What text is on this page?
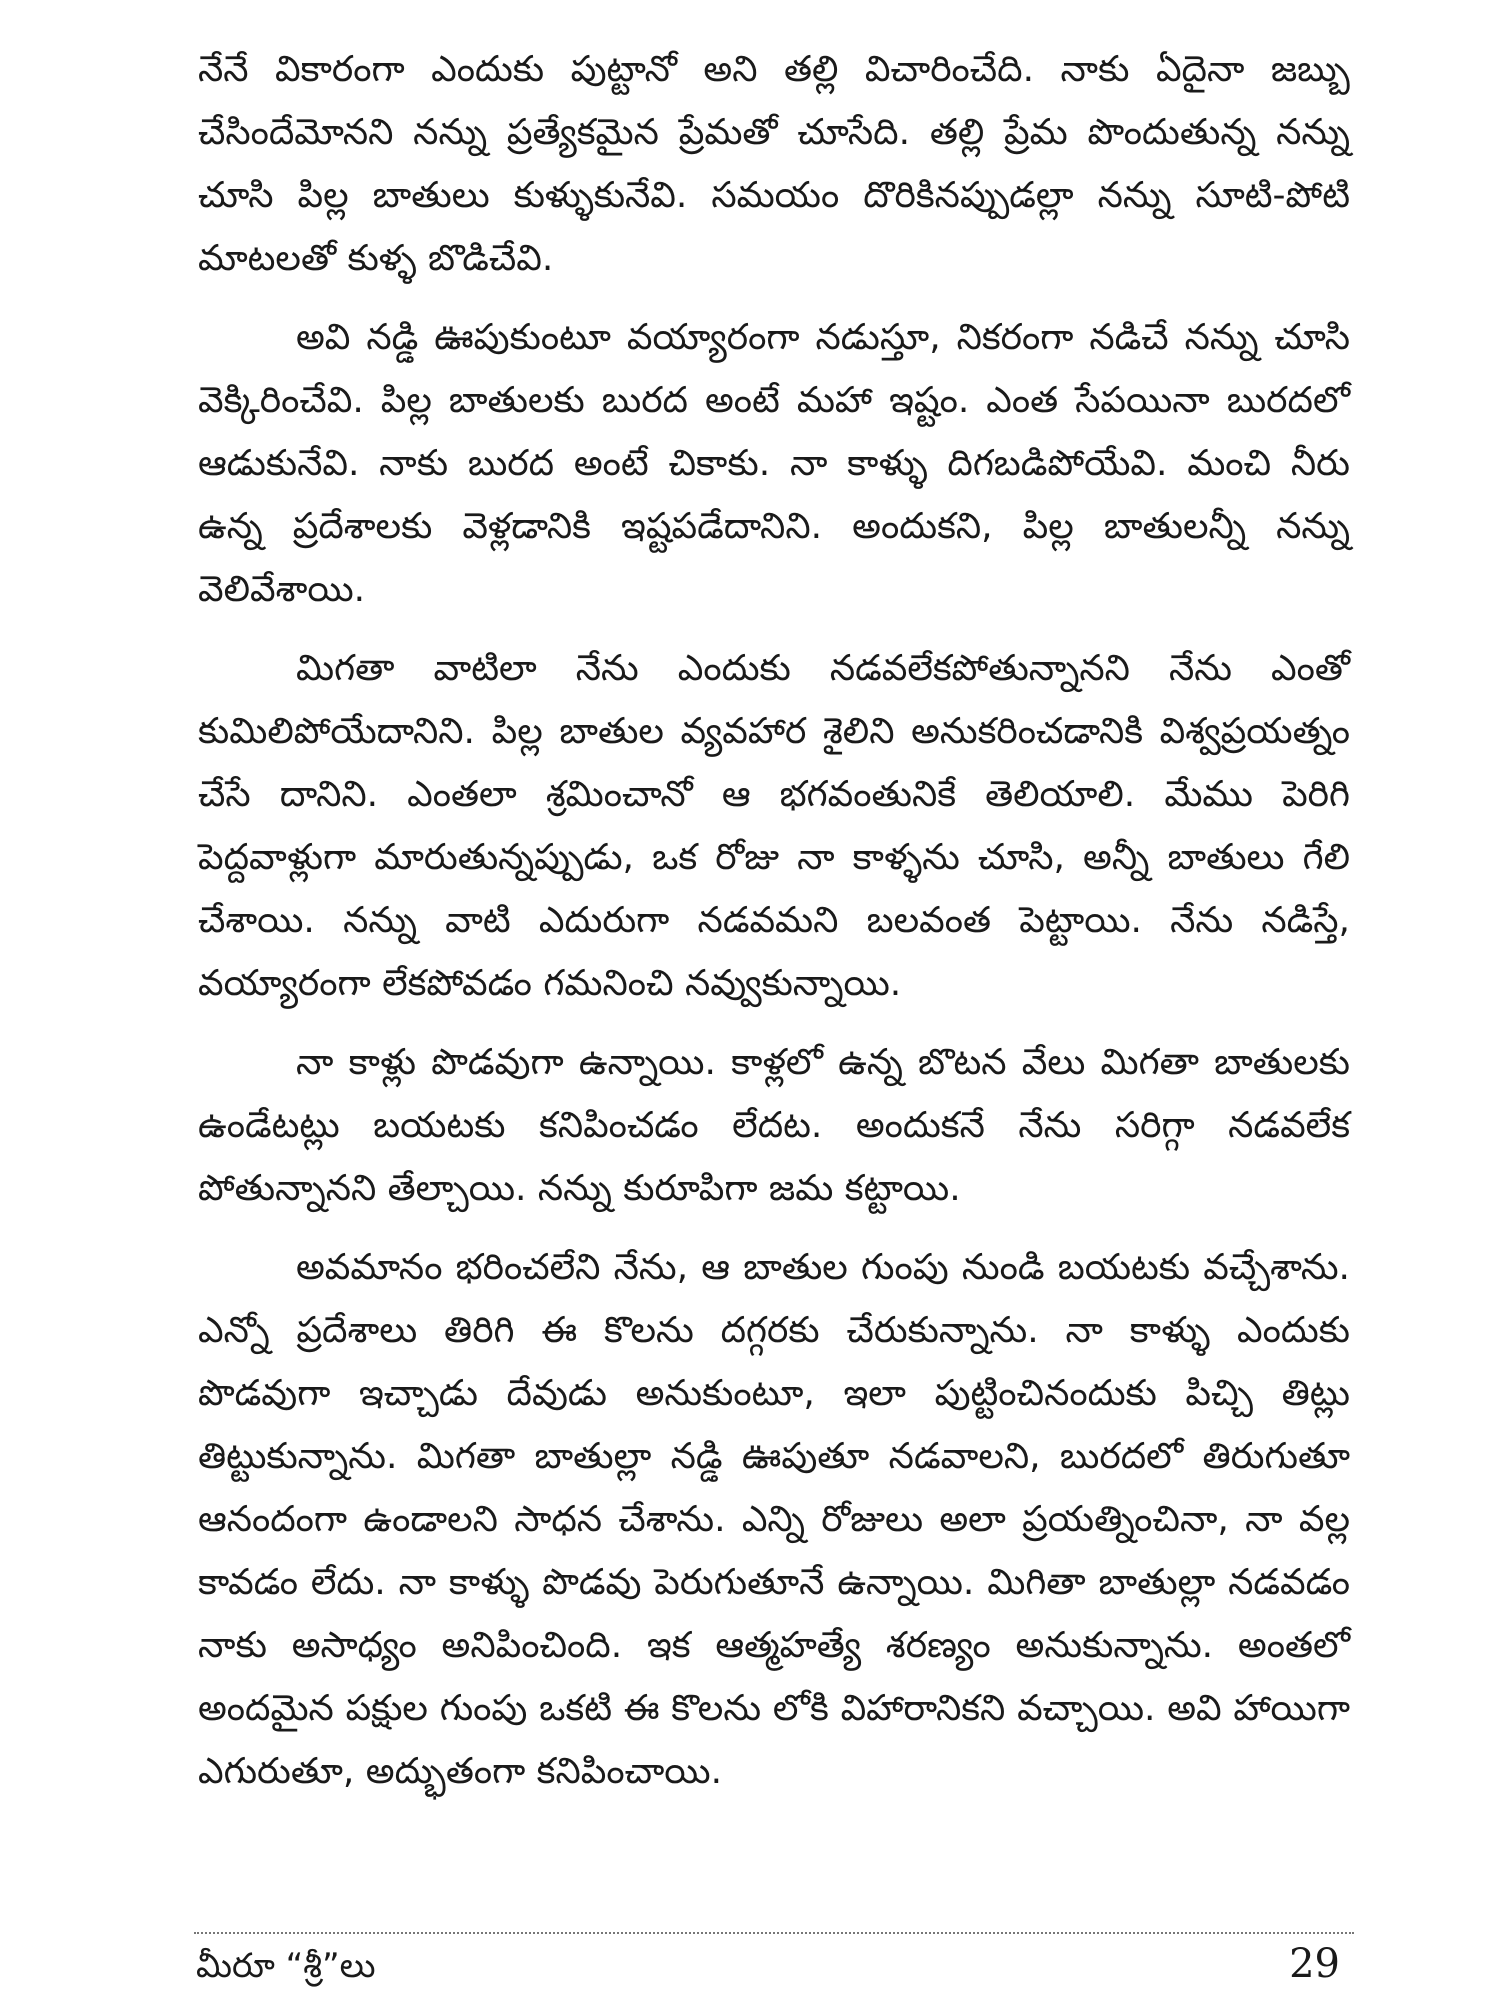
నేనే వికారంగా ఎందుకు పుట్టానో అని తల్లి విచారించేది. నాకు ఏదైనా జబ్బు చేసిందేమోనని నన్ను ప్రత్యేకమైన ప్రేమతో చూసేది. తల్లి ప్రేమ పొందుతున్న నన్ను చూసి పిల్ల బాతులు కుళ్ళుకునేవి. సమయం దొరికినప్పుడల్లా నన్ను సూటి-పోటి మాటలతో కుళ్ళ బొడిచేవి.

అవి నడ్డి ఊపుకుంటూ వయ్యారంగా నడుస్తూ, నికరంగా నడిచే నన్ను చూసి వెక్కిరించేవి. పిల్ల బాతులకు బురద అంటే మహా ఇష్టం. ఎంత సేపయినా బురదలో ఆడుకునేవి. నాకు బురద అంటే చికాకు. నా కాళ్ళు దిగబడిపోయేవి. మంచి నీరు ఉన్న ప్రదేశాలకు వెళ్లడానికి ఇష్టపడేదానిని. అందుకని, పిల్ల బాతులన్నీ నన్ను వెలివేశాయి.

మిగతా వాటిలా నేను ఎందుకు నడవలేకపోతున్నానని నేను ఎంతో కుమిలిపోయేదానిని. పిల్ల బాతుల వ్యవహార శైలిని అనుకరించడానికి విశ్వప్రయత్నం చేసే దానిని. ఎంతలా శ్రమించానో ఆ భగవంతునికే తెలియాలి. మేము పెరిగి పెద్దవాళ్లుగా మారుతున్నప్పుడు, ఒక రోజు నా కాళ్ళను చూసి, అన్నీ బాతులు గేలి చేశాయి. నన్ను వాటి ఎదురుగా నడవమని బలవంత పెట్టాయి. నేను నడిస్తే, వయ్యారంగా లేకపోవడం గమనించి నవ్వుకున్నాయి.

నా కాళ్లు పొడవుగా ఉన్నాయి. కాళ్లలో ఉన్న బొటన వేలు మిగతా బాతులకు ఉండేటట్లు బయటకు కనిపించడం లేదట. అందుకనే నేను సరిగ్గా నడవలేక పోతున్నానని తేల్చాయి. నన్ను కురూపిగా జమ కట్టాయి.

అవమానం భరించలేని నేను, ఆ బాతుల గుంపు నుండి బయటకు వచ్చేశాను. ఎన్నో ప్రదేశాలు తిరిగి ఈ కొలను దగ్గరకు చేరుకున్నాను. నా కాళ్ళు ఎందుకు పొడవుగా ఇచ్చాడు దేవుడు అనుకుంటూ, ఇలా పుట్టించినందుకు పిచ్చి తిట్లు తిట్టుకున్నాను. మిగతా బాతుల్లా నడ్డి ఊపుతూ నడవాలని, బురదలో తిరుగుతూ ఆనందంగా ఉండాలని సాధన చేశాను. ఎన్ని రోజులు అలా ప్రయత్నించినా, నా వల్ల కావడం లేదు. నా కాళ్ళు పొడవు పెరుగుతూనే ఉన్నాయి. మిగితా బాతుల్లా నడవడం నాకు అసాధ్యం అనిపించింది. ఇక ఆత్మహత్యే శరణ్యం అనుకున్నాను. అంతలో అందమైన పక్షుల గుంపు ఒకటి ఈ కొలను లోకి విహారానికని వచ్చాయి. అవి హాయిగా ఎగురుతూ, అద్భుతంగా కనిపించాయి.

మీరూ “శ్రీ”లు	29
